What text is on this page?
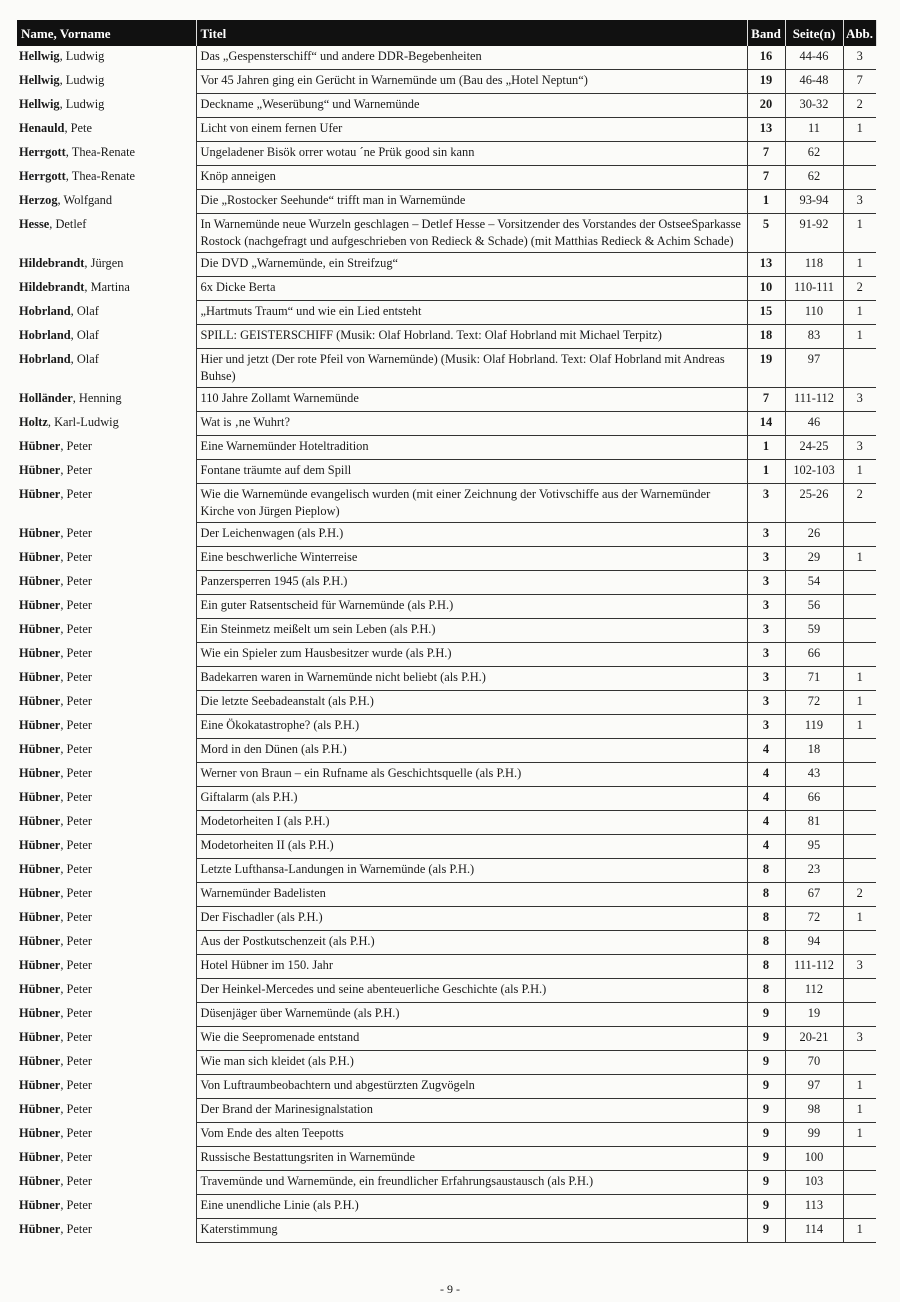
Name, Vorname	Titel	Band	Seite(n)	Abb.
Hellwig, Ludwig	Das „Gespensterschiff“ und andere DDR-Begebenheiten	16	44-46	3
Hellwig, Ludwig	Vor 45 Jahren ging ein Gerücht in Warnemünde um (Bau des „Hotel Neptun“)	19	46-48	7
Hellwig, Ludwig	Deckname „Weserübung“ und Warnemünde	20	30-32	2
Henauld, Pete	Licht von einem fernen Ufer	13	11	1
Herrgott, Thea-Renate	Ungeladener Bisök orrer wotau ´ne Prük good sin kann	7	62	
Herrgott, Thea-Renate	Knöp anneigen	7	62	
Herzog, Wolfgand	Die „Rostocker Seehunde“ trifft man in Warnemünde	1	93-94	3
Hesse, Detlef	In Warnemünde neue Wurzeln geschlagen – Detlef Hesse – Vorsitzender des Vorstandes der OstseeSparkasse Rostock (nachgefragt und aufgeschrieben von Redieck & Schade) (mit Matthias Redieck & Achim Schade)	5	91-92	1
Hildebrandt, Jürgen	Die DVD „Warnemünde, ein Streifzug“	13	118	1
Hildebrandt, Martina	6x Dicke Berta	10	110-111	2
Hobrland, Olaf	„Hartmuts Traum“ und wie ein Lied entsteht	15	110	1
Hobrland, Olaf	SPILL: GEISTERSCHIFF (Musik: Olaf Hobrland. Text: Olaf Hobrland mit Michael Terpitz)	18	83	1
Hobrland, Olaf	Hier und jetzt (Der rote Pfeil von Warnemünde) (Musik: Olaf Hobrland. Text: Olaf Hobrland mit Andreas Buhse)	19	97	
Holländer, Henning	110 Jahre Zollamt Warnemünde	7	111-112	3
Holtz, Karl-Ludwig	Wat is ‚ne Wuhrt?	14	46	
Hübner, Peter	Eine Warnemünder Hoteltradition	1	24-25	3
Hübner, Peter	Fontane träumte auf dem Spill	1	102-103	1
Hübner, Peter	Wie die Warnemünde evangelisch wurden (mit einer Zeichnung der Votivschiffe aus der Warnemünder Kirche von Jürgen Pieplow)	3	25-26	2
Hübner, Peter	Der Leichenwagen (als P.H.)	3	26	
Hübner, Peter	Eine beschwerliche Winterreise	3	29	1
Hübner, Peter	Panzersperren 1945 (als P.H.)	3	54	
Hübner, Peter	Ein guter Ratsentscheid für Warnemünde (als P.H.)	3	56	
Hübner, Peter	Ein Steinmetz meißelt um sein Leben (als P.H.)	3	59	
Hübner, Peter	Wie ein Spieler zum Hausbesitzer wurde (als P.H.)	3	66	
Hübner, Peter	Badekarren waren in Warnemünde nicht beliebt (als P.H.)	3	71	1
Hübner, Peter	Die letzte Seebadeanstalt (als P.H.)	3	72	1
Hübner, Peter	Eine Ökokatastrophe? (als P.H.)	3	119	1
Hübner, Peter	Mord in den Dünen (als P.H.)	4	18	
Hübner, Peter	Werner von Braun – ein Rufname als Geschichtsquelle (als P.H.)	4	43	
Hübner, Peter	Giftalarm (als P.H.)	4	66	
Hübner, Peter	Modetorheiten I (als P.H.)	4	81	
Hübner, Peter	Modetorheiten II (als P.H.)	4	95	
Hübner, Peter	Letzte Lufthansa-Landungen in Warnemünde (als P.H.)	8	23	
Hübner, Peter	Warnemünder Badelisten	8	67	2
Hübner, Peter	Der Fischadler (als P.H.)	8	72	1
Hübner, Peter	Aus der Postkutschenzeit (als P.H.)	8	94	
Hübner, Peter	Hotel Hübner im 150. Jahr	8	111-112	3
Hübner, Peter	Der Heinkel-Mercedes und seine abenteuerliche Geschichte (als P.H.)	8	112	
Hübner, Peter	Düsenjäger über Warnemünde (als P.H.)	9	19	
Hübner, Peter	Wie die Seepromenade entstand	9	20-21	3
Hübner, Peter	Wie man sich kleidet (als P.H.)	9	70	
Hübner, Peter	Von Luftraumbeobachtern und abgestürzten Zugvögeln	9	97	1
Hübner, Peter	Der Brand der Marinesignalstation	9	98	1
Hübner, Peter	Vom Ende des alten Teepotts	9	99	1
Hübner, Peter	Russische Bestattungsriten in Warnemünde	9	100	
Hübner, Peter	Travemünde und Warnemünde, ein freundlicher Erfahrungsaustausch (als P.H.)	9	103	
Hübner, Peter	Eine unendliche Linie (als P.H.)	9	113	
Hübner, Peter	Katerstimmung	9	114	1
- 9 -
